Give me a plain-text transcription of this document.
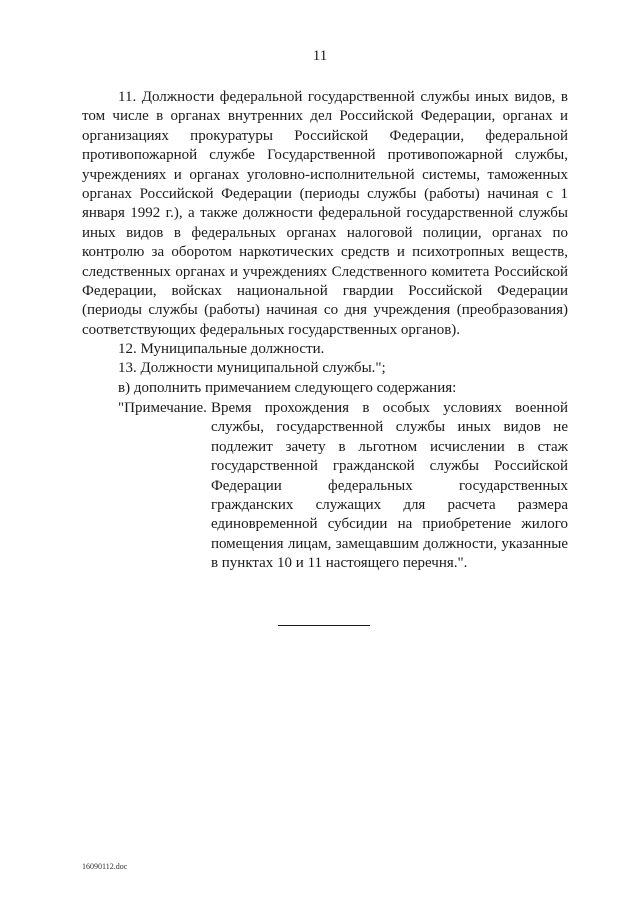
11

11. Должности федеральной государственной службы иных видов, в том числе в органах внутренних дел Российской Федерации, органах и организациях прокуратуры Российской Федерации, федеральной противопожарной службе Государственной противопожарной службы, учреждениях и органах уголовно-исполнительной системы, таможенных органах Российской Федерации (периоды службы (работы) начиная с 1 января 1992 г.), а также должности федеральной государственной службы иных видов в федеральных органах налоговой полиции, органах по контролю за оборотом наркотических средств и психотропных веществ, следственных органах и учреждениях Следственного комитета Российской Федерации, войсках национальной гвардии Российской Федерации (периоды службы (работы) начиная со дня учреждения (преобразования) соответствующих федеральных государственных органов).

12. Муниципальные должности.

13. Должности муниципальной службы.";

в) дополнить примечанием следующего содержания:

"Примечание. Время прохождения в особых условиях военной службы, государственной службы иных видов не подлежит зачету в льготном исчислении в стаж государственной гражданской службы Российской Федерации федеральных государственных гражданских служащих для расчета размера единовременной субсидии на приобретение жилого помещения лицам, замещавшим должности, указанные в пунктах 10 и 11 настоящего перечня.".
16090112.doc
